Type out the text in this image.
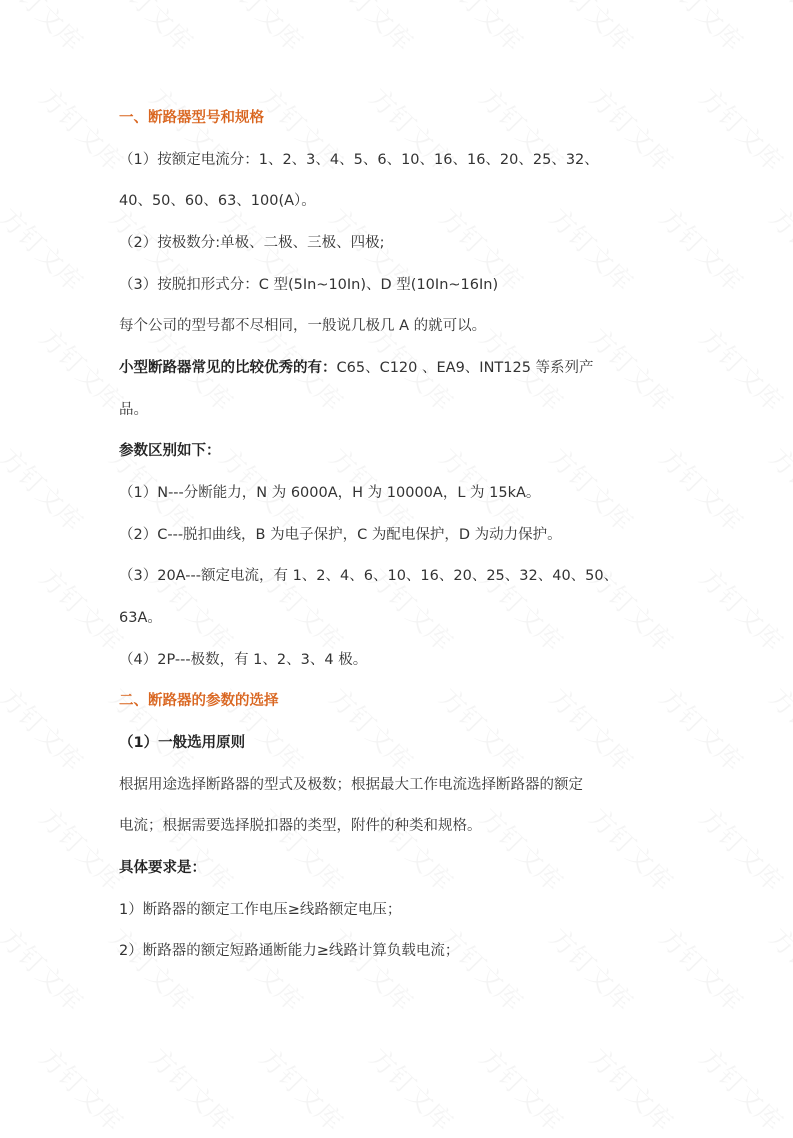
一、断路器型号和规格
（1）按额定电流分：1、2、3、4、5、6、10、16、16、20、25、32、
40、50、60、63、100(A）。
（2）按极数分:单极、二极、三极、四极;
（3）按脱扣形式分：C 型(5In~10In)、D 型(10In~16In)
每个公司的型号都不尽相同，一般说几极几 A 的就可以。
小型断路器常见的比较优秀的有：C65、C120 、EA9、INT125 等系列产
品。
参数区别如下：
（1）N---分断能力，N 为 6000A，H 为 10000A，L 为 15kA。
（2）C---脱扣曲线，B 为电子保护，C 为配电保护，D 为动力保护。
（3）20A---额定电流，有 1、2、4、6、10、16、20、25、32、40、50、
63A。
（4）2P---极数，有 1、2、3、4 极。
二、断路器的参数的选择
（1）一般选用原则
根据用途选择断路器的型式及极数；根据最大工作电流选择断路器的额定
电流；根据需要选择脱扣器的类型，附件的种类和规格。
具体要求是：
1）断路器的额定工作电压≥线路额定电压；
2）断路器的额定短路通断能力≥线路计算负载电流；
